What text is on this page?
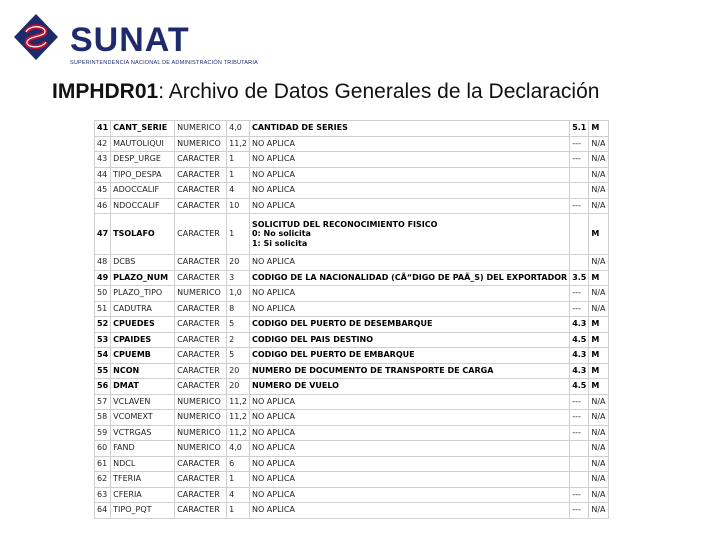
SUNAT
SUPERINTENDENCIA NACIONAL DE ADMINISTRACIÓN TRIBUTARIA
IMPHDR01: Archivo de Datos Generales de la Declaración
41	CANT_SERIE	NUMERICO	4,0	CANTIDAD DE SERIES	5.1	M
42	MAUTOLIQUI	NUMERICO	11,2	NO APLICA	---	N/A
43	DESP_URGE	CARACTER	1	NO APLICA	---	N/A
44	TIPO_DESPA	CARACTER	1	NO APLICA		N/A
45	ADOCCALIF	CARACTER	4	NO APLICA		N/A
46	NDOCCALIF	CARACTER	10	NO APLICA	---	N/A
47	TSOLAFO	CARACTER	1	SOLICITUD DEL RECONOCIMIENTO FISICO
0: No solicita
1: Si solicita		M
48	DCBS	CARACTER	20	NO APLICA		N/A
49	PLAZO_NUM	CARACTER	3	CODIGO DE LA NACIONALIDAD (CÃ“DIGO DE PAÃ_S) DEL EXPORTADOR	3.5	M
50	PLAZO_TIPO	NUMERICO	1,0	NO APLICA	---	N/A
51	CADUTRA	CARACTER	8	NO APLICA	---	N/A
52	CPUEDES	CARACTER	5	CODIGO DEL PUERTO DE DESEMBARQUE	4.3	M
53	CPAIDES	CARACTER	2	CODIGO DEL PAIS DESTINO	4.5	M
54	CPUEMB	CARACTER	5	CODIGO DEL PUERTO DE EMBARQUE	4.3	M
55	NCON	CARACTER	20	NUMERO DE DOCUMENTO DE TRANSPORTE DE CARGA	4.3	M
56	DMAT	CARACTER	20	NUMERO DE VUELO	4.5	M
57	VCLAVEN	NUMERICO	11,2	NO APLICA	---	N/A
58	VCOMEXT	NUMERICO	11,2	NO APLICA	---	N/A
59	VCTRGAS	NUMERICO	11,2	NO APLICA	---	N/A
60	FAND	NUMERICO	4,0	NO APLICA		N/A
61	NDCL	CARACTER	6	NO APLICA		N/A
62	TFERIA	CARACTER	1	NO APLICA		N/A
63	CFERIA	CARACTER	4	NO APLICA	---	N/A
64	TIPO_PQT	CARACTER	1	NO APLICA	---	N/A
